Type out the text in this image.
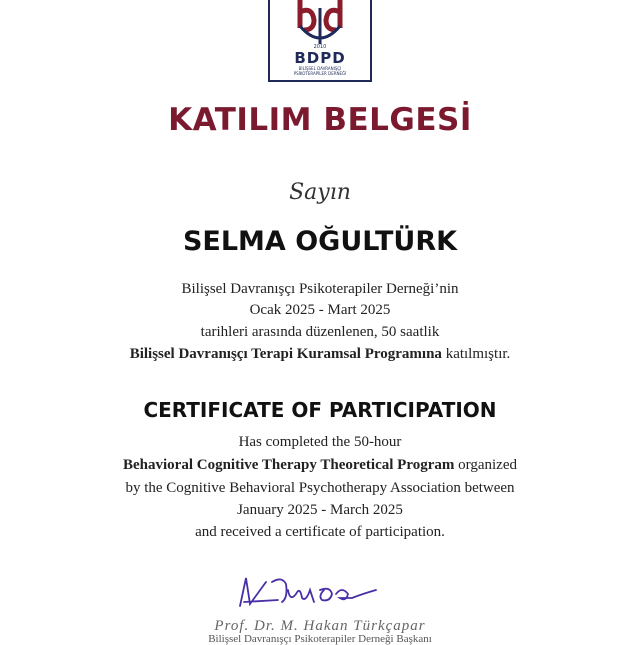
2010
BDPD
BİLİŞSEL DAVRANIŞÇI
PSİKOTERAPİLER DERNEĞİ
KATILIM BELGESİ
Sayın
SELMA OĞULTÜRK
Bilişsel Davranışçı Psikoterapiler Derneği’nin
Ocak 2025 - Mart 2025
tarihleri arasında düzenlenen, 50 saatlik
Bilişsel Davranışçı Terapi Kuramsal Programına katılmıştır.
CERTIFICATE OF PARTICIPATION
Has completed the 50-hour
Behavioral Cognitive Therapy Theoretical Program organized
by the Cognitive Behavioral Psychotherapy Association between
January 2025 - March 2025
and received a certificate of participation.
Prof. Dr. M. Hakan Türkçapar
Bilişsel Davranışçı Psikoterapiler Derneği Başkanı
